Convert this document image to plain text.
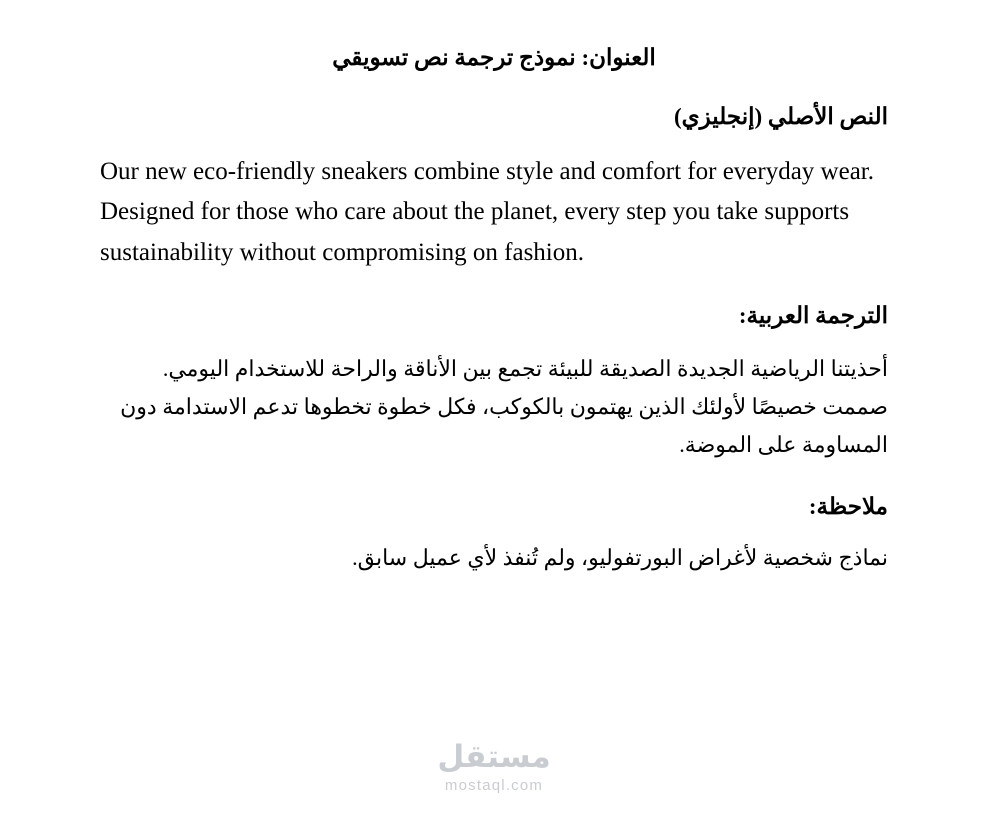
العنوان: نموذج ترجمة نص تسويقي
النص الأصلي (إنجليزي)

Our new eco-friendly sneakers combine style and comfort for everyday wear. Designed for those who care about the planet, every step you take supports sustainability without compromising on fashion.

الترجمة العربية:

أحذيتنا الرياضية الجديدة الصديقة للبيئة تجمع بين الأناقة والراحة للاستخدام اليومي. صممت خصيصًا لأولئك الذين يهتمون بالكوكب، فكل خطوة تخطوها تدعم الاستدامة دون المساومة على الموضة.

ملاحظة:

نماذج شخصية لأغراض البورتفوليو، ولم تُنفذ لأي عميل سابق.

مستقل
mostaql.com
